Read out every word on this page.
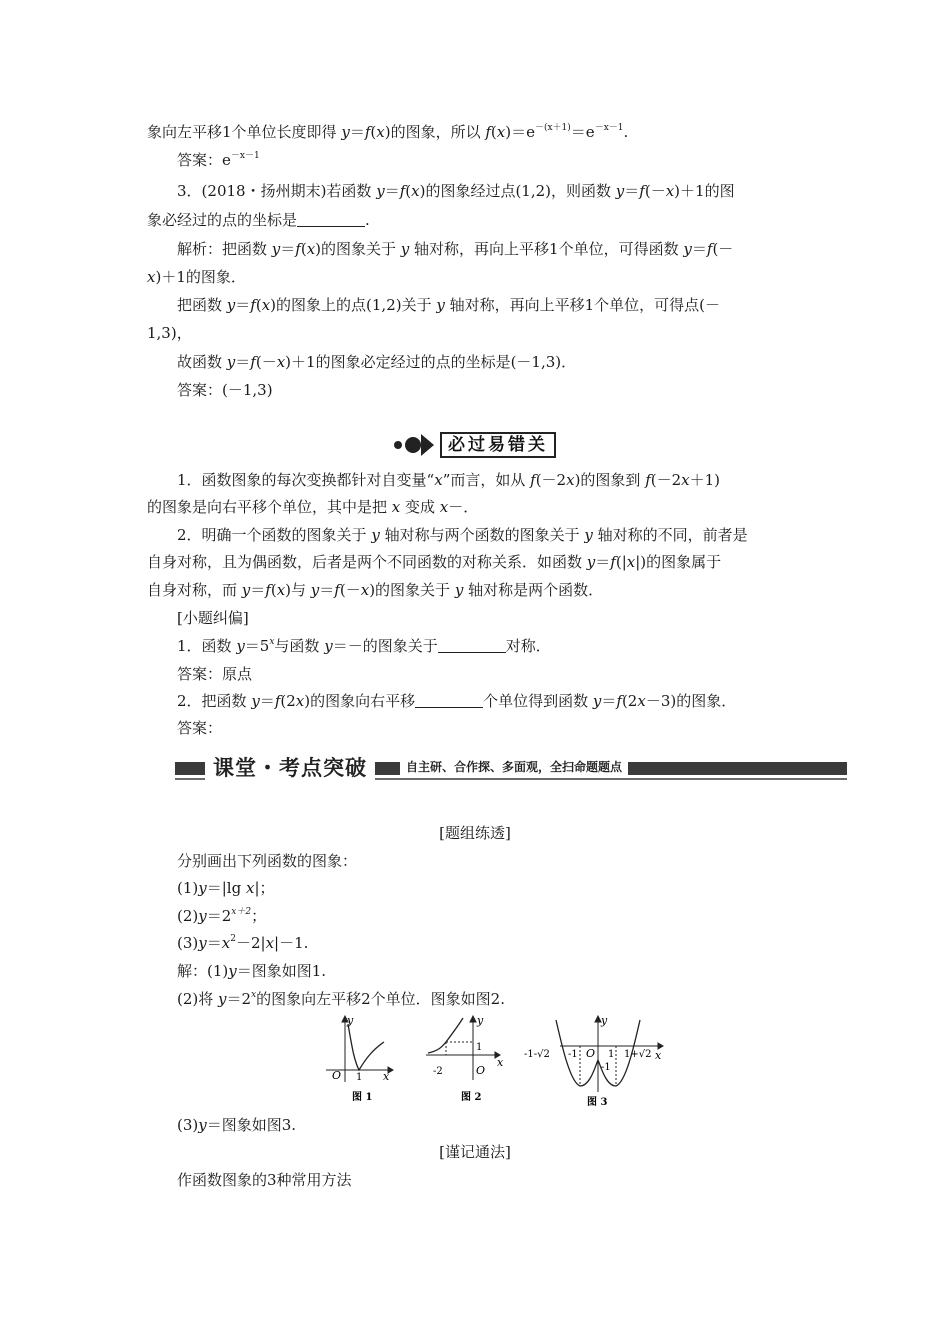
象向左平移1个单位长度即得 y＝f(x)的图象，所以 $f(x)=e^{-(x+1)}=e^{-x-1}$.
答案：$e^{-x-1}$
3．(2018・扬州期末)若函数 y＝f(x)的图象经过点(1,2)，则函数 y＝f(－x)＋1的图
象必经过的点的坐标是	.
解析：把函数 y＝f(x)的图象关于 y 轴对称，再向上平移1个单位，可得函数 y＝f(－
x)＋1的图象．
把函数 y＝f(x)的图象上的点(1,2)关于 y 轴对称，再向上平移1个单位，可得点(－
1,3)，
故函数 y＝f(－x)＋1的图象必定经过的点的坐标是(－1,3)．
答案：(－1,3)
必过易错关
1．函数图象的每次变换都针对自变量“x”而言，如从 f(－2x)的图象到 f(－2x＋1)
的图象是向右平移个单位，其中是把 x 变成 x－．
2．明确一个函数的图象关于 y 轴对称与两个函数的图象关于 y 轴对称的不同，前者是
自身对称，且为偶函数，后者是两个不同函数的对称关系．如函数 y＝f(|x|)的图象属于
自身对称，而 y＝f(x)与 y＝f(－x)的图象关于 y 轴对称是两个函数．
[小题纠偏]
1．函数 $y=5^x$与函数 y＝－的图象关于	对称．
答案：原点
2．把函数 y＝f(2x)的图象向右平移	个单位得到函数 y＝f(2x－3)的图象．
答案：
课堂・考点突破	自主研、合作探、多面观，全扫命题题点
[题组练透]
分别画出下列函数的图象：
(1)y＝|lg x|；
$(2)y=2^{x+2}$；
$(3)y=x^2-2|x|-1$.
解：(1)y＝图象如图1.
(2)将 $y=2^x$的图象向左平移2个单位．图象如图2.
y
x
O 1
图 1
y
x
O
1
-2
图 2
y
x
O
-1	1
-1-√2	1+√2
-1
图 3
(3)y＝图象如图3.
[谨记通法]
作函数图象的3种常用方法
